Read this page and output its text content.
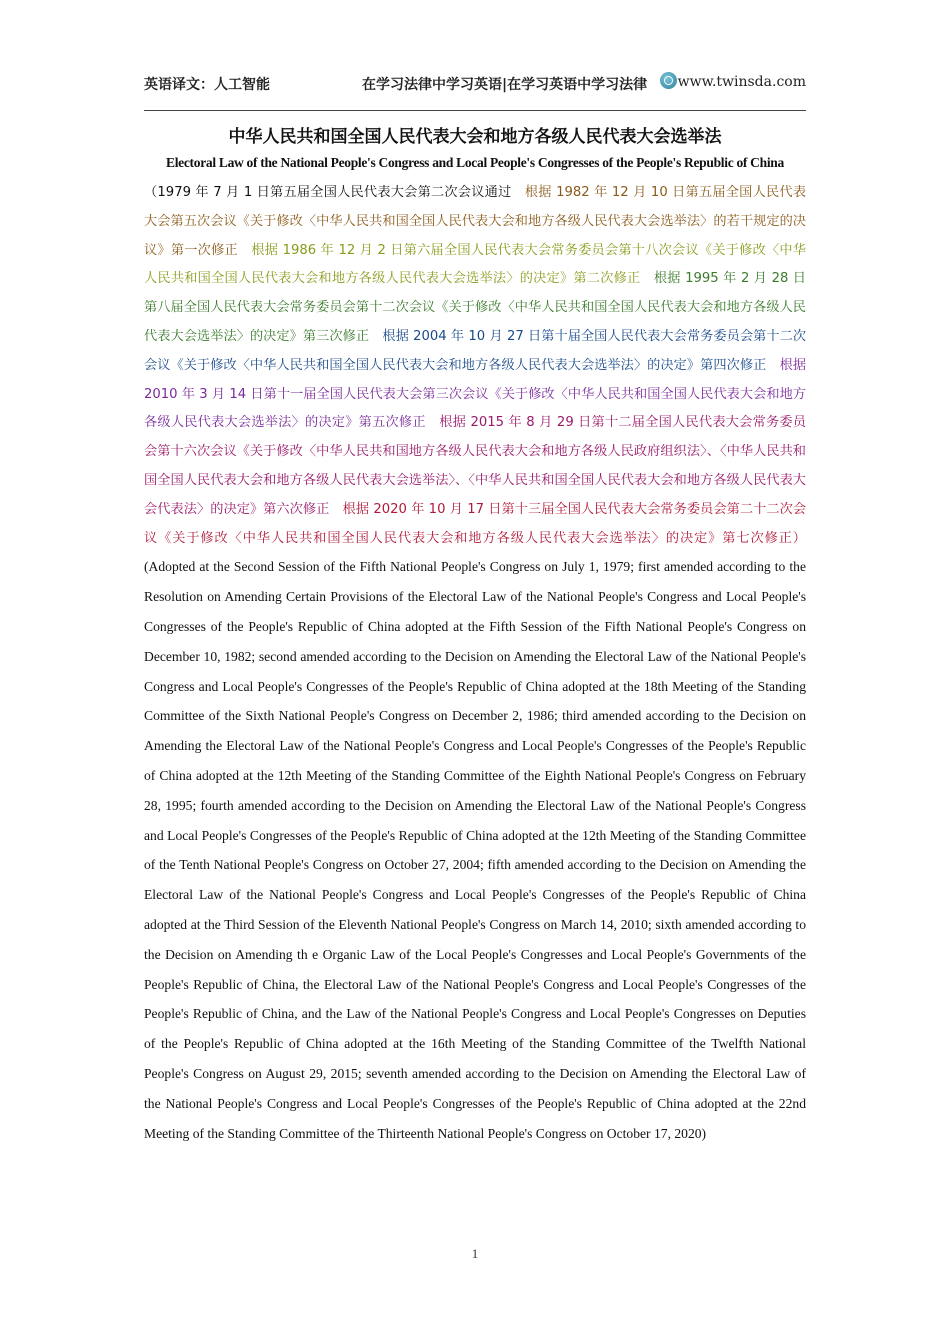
英语译文：人工智能	在学习法律中学习英语|在学习英语中学习法律 www.twinsda.com
中华人民共和国全国人民代表大会和地方各级人民代表大会选举法
Electoral Law of the National People's Congress and Local People's Congresses of the People's Republic of China
（1979 年 7 月 1 日第五届全国人民代表大会第二次会议通过　 根据 1982 年 12 月 10 日第五届全国人民代表大会第五次会议《关于修改〈中华人民共和国全国人民代表大会和地方各级人民代表大会选举法〉的若干规定的决议》第一次修正　 根据 1986 年 12 月 2 日第六届全国人民代表大会常务委员会第十八次会议《关于修改〈中华人民共和国全国人民代表大会和地方各级人民代表大会选举法〉的决定》第二次修正　 根据 1995 年 2 月 28 日第八届全国人民代表大会常务委员会第十二次会议《关于修改〈中华人民共和国全国人民代表大会和地方各级人民代表大会选举法〉的决定》第三次修正　 根据 2004 年 10 月 27 日第十届全国人民代表大会常务委员会第十二次会议《关于修改〈中华人民共和国全国人民代表大会和地方各级人民代表大会选举法〉的决定》第四次修正　 根据 2010 年 3 月 14 日第十一届全国人民代表大会第三次会议《关于修改〈中华人民共和国全国人民代表大会和地方各级人民代表大会选举法〉的决定》第五次修正　 根据 2015 年 8 月 29 日第十二届全国人民代表大会常务委员会第十六次会议《关于修改〈中华人民共和国地方各级人民代表大会和地方各级人民政府组织法〉、〈中华人民共和国全国人民代表大会和地方各级人民代表大会选举法〉、〈中华人民共和国全国人民代表大会和地方各级人民代表大会代表法〉的决定》第六次修正　 根据 2020 年 10 月 17 日第十三届全国人民代表大会常务委员会第二十二次会议《关于修改〈中华人民共和国全国人民代表大会和地方各级人民代表大会选举法〉的决定》第七次修正）(Adopted at the Second Session of the Fifth National People's Congress on July 1, 1979; first amended according to the Resolution on Amending Certain Provisions of the Electoral Law of the National People's Congress and Local People's Congresses of the People's Republic of China adopted at the Fifth Session of the Fifth National People's Congress on December 10, 1982; second amended according to the Decision on Amending the Electoral Law of the National People's Congress and Local People's Congresses of the People's Republic of China adopted at the 18th Meeting of the Standing Committee of the Sixth National People's Congress on December 2, 1986; third amended according to the Decision on Amending the Electoral Law of the National People's Congress and Local People's Congresses of the People's Republic of China adopted at the 12th Meeting of the Standing Committee of the Eighth National People's Congress on February 28, 1995; fourth amended according to the Decision on Amending the Electoral Law of the National People's Congress and Local People's Congresses of the People's Republic of China adopted at the 12th Meeting of the Standing Committee of the Tenth National People's Congress on October 27, 2004; fifth amended according to the Decision on Amending the Electoral Law of the National People's Congress and Local People's Congresses of the People's Republic of China adopted at the Third Session of the Eleventh National People's Congress on March 14, 2010; sixth amended according to the Decision on Amending th e Organic Law of the Local People's Congresses and Local People's Governments of the People's Republic of China, the Electoral Law of the National People's Congress and Local People's Congresses of the People's Republic of China, and the Law of the National People's Congress and Local People's Congresses on Deputies of the People's Republic of China adopted at the 16th Meeting of the Standing Committee of the Twelfth National People's Congress on August 29, 2015; seventh amended according to the Decision on Amending the Electoral Law of the National People's Congress and Local People's Congresses of the People's Republic of China adopted at the 22nd Meeting of the Standing Committee of the Thirteenth National People's Congress on October 17, 2020)
1
